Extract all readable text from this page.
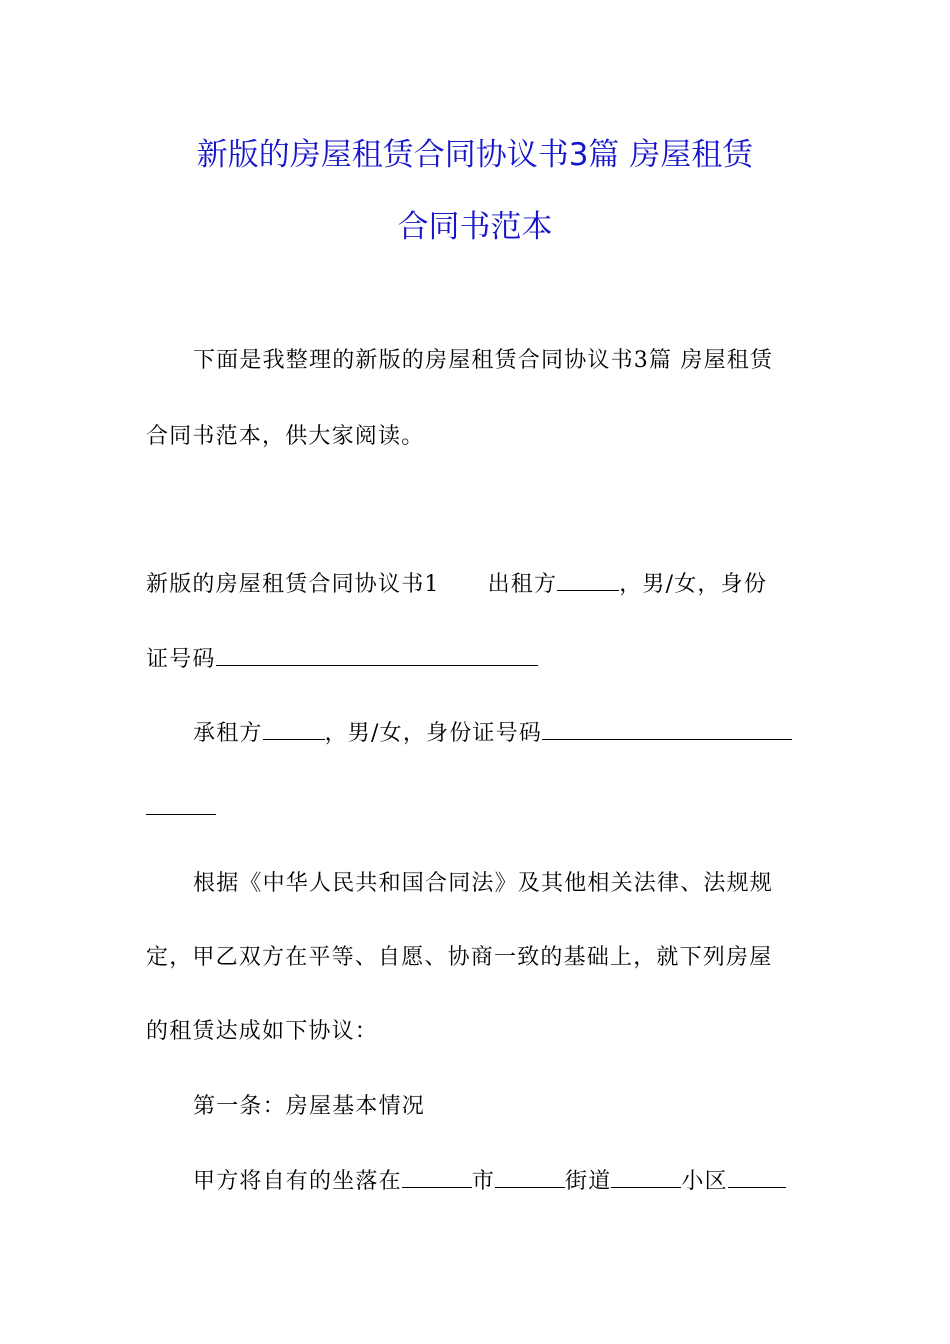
新版的房屋租赁合同协议书3篇 房屋租赁
合同书范本
下面是我整理的新版的房屋租赁合同协议书3篇 房屋租赁
合同书范本，供大家阅读。
新版的房屋租赁合同协议书1 出租方	，男/女，身份
证号码
承租方	，男/女，身份证号码
根据《中华人民共和国合同法》及其他相关法律、法规规
定，甲乙双方在平等、自愿、协商一致的基础上，就下列房屋
的租赁达成如下协议：
第一条：房屋基本情况
甲方将自有的坐落在	市	街道	小区
